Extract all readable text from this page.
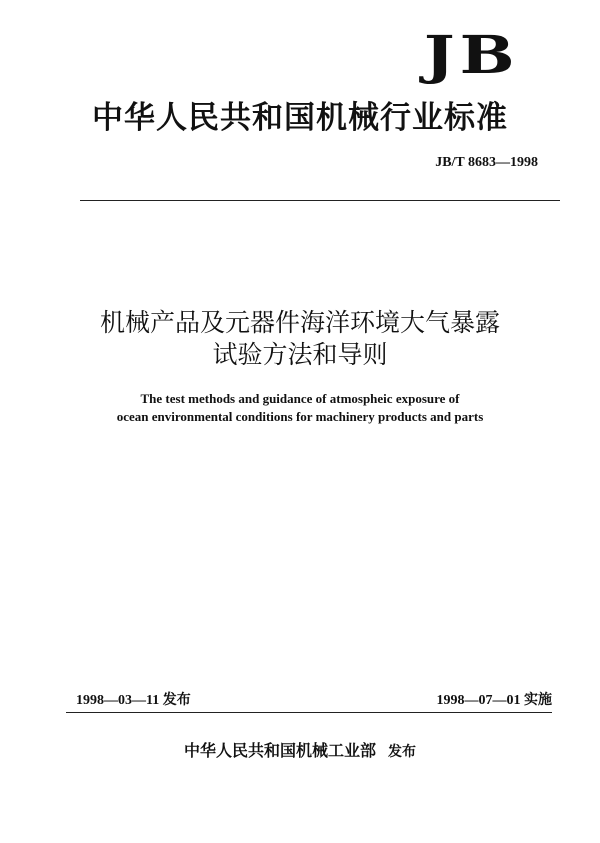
JB
中华人民共和国机械行业标准
JB/T 8683—1998
机械产品及元器件海洋环境大气暴露
试验方法和导则
The test methods and guidance of atmospheic exposure of
ocean environmental conditions for machinery products and parts
1998—03—11 发布	1998—07—01 实施
中华人民共和国机械工业部 发布
